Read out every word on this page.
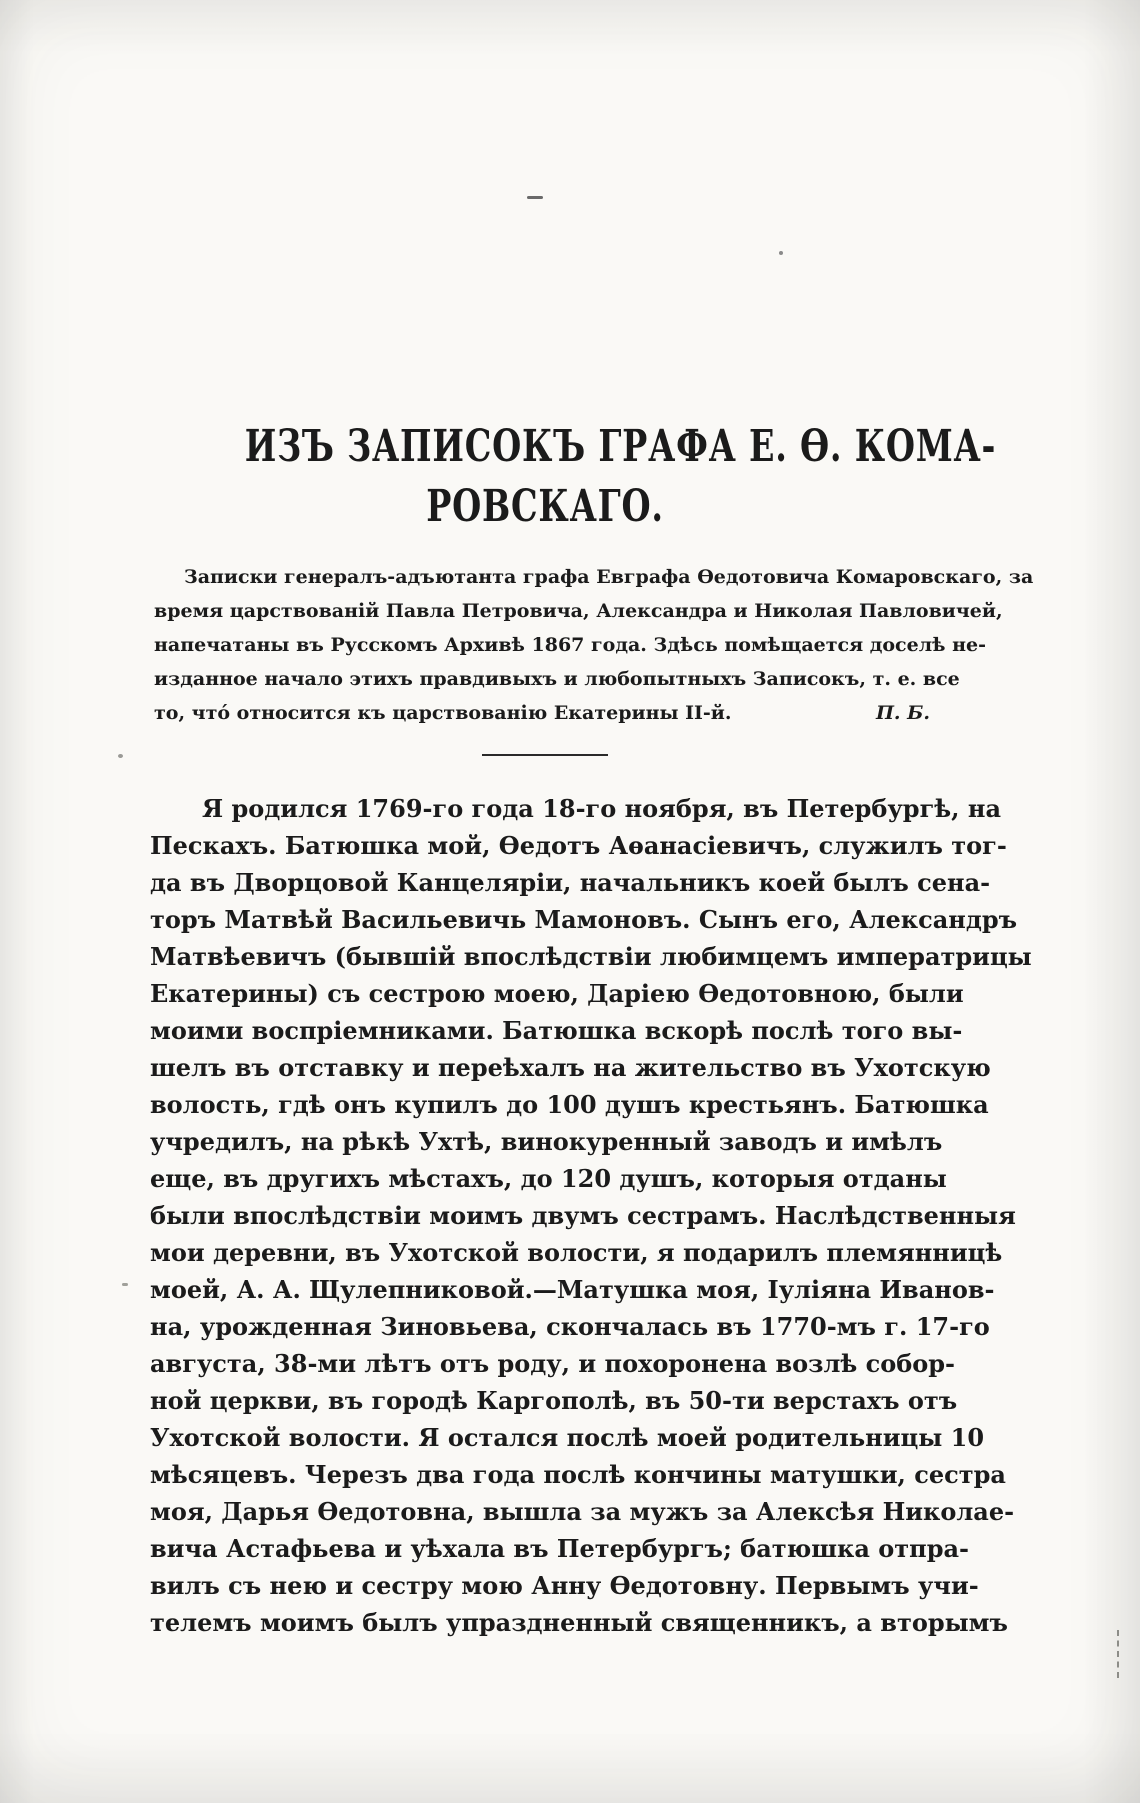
ИЗЪ ЗАПИСОКЪ ГРАФА Е. Ѳ. КОМА-
РОВСКАГО.
Записки генералъ-адъютанта графа Евграфа Ѳедотовича Комаровскаго, за
время царствованій Павла Петровича, Александра и Николая Павловичей,
напечатаны въ Русскомъ Архивѣ 1867 года. Здѣсь помѣщается доселѣ не-
изданное начало этихъ правдивыхъ и любопытныхъ Записокъ, т. е. все
то, что́ относится къ царствованію Екатерины II-й.	П. Б.
Я родился 1769-го года 18-го ноября, въ Петербургѣ, на
Пескахъ. Батюшка мой, Ѳедотъ Аѳанасіевичъ, служилъ тог-
да въ Дворцовой Канцеляріи, начальникъ коей былъ сена-
торъ Матвѣй Васильевичь Мамоновъ. Сынъ его, Александръ
Матвѣевичъ (бывшій впослѣдствіи любимцемъ императрицы
Екатерины) съ сестрою моею, Даріею Ѳедотовною, были
моими воспріемниками. Батюшка вскорѣ послѣ того вы-
шелъ въ отставку и переѣхалъ на жительство въ Ухотскую
волость, гдѣ онъ купилъ до 100 душъ крестьянъ. Батюшка
учредилъ, на рѣкѣ Ухтѣ, винокуренный заводъ и имѣлъ
еще, въ другихъ мѣстахъ, до 120 душъ, которыя отданы
были впослѣдствіи моимъ двумъ сестрамъ. Наслѣдственныя
мои деревни, въ Ухотской волости, я подарилъ племянницѣ
моей, А. А. Щулепниковой.—Матушка моя, Іуліяна Иванов-
на, урожденная Зиновьева, скончалась въ 1770-мъ г. 17-го
августа, 38-ми лѣтъ отъ роду, и похоронена возлѣ собор-
ной церкви, въ городѣ Каргополѣ, въ 50-ти верстахъ отъ
Ухотской волости. Я остался послѣ моей родительницы 10
мѣсяцевъ. Черезъ два года послѣ кончины матушки, сестра
моя, Дарья Ѳедотовна, вышла за мужъ за Алексѣя Николае-
вича Астафьева и уѣхала въ Петербургъ; батюшка отпра-
вилъ съ нею и сестру мою Анну Ѳедотовну. Первымъ учи-
телемъ моимъ былъ упраздненный священникъ, а вторымъ
